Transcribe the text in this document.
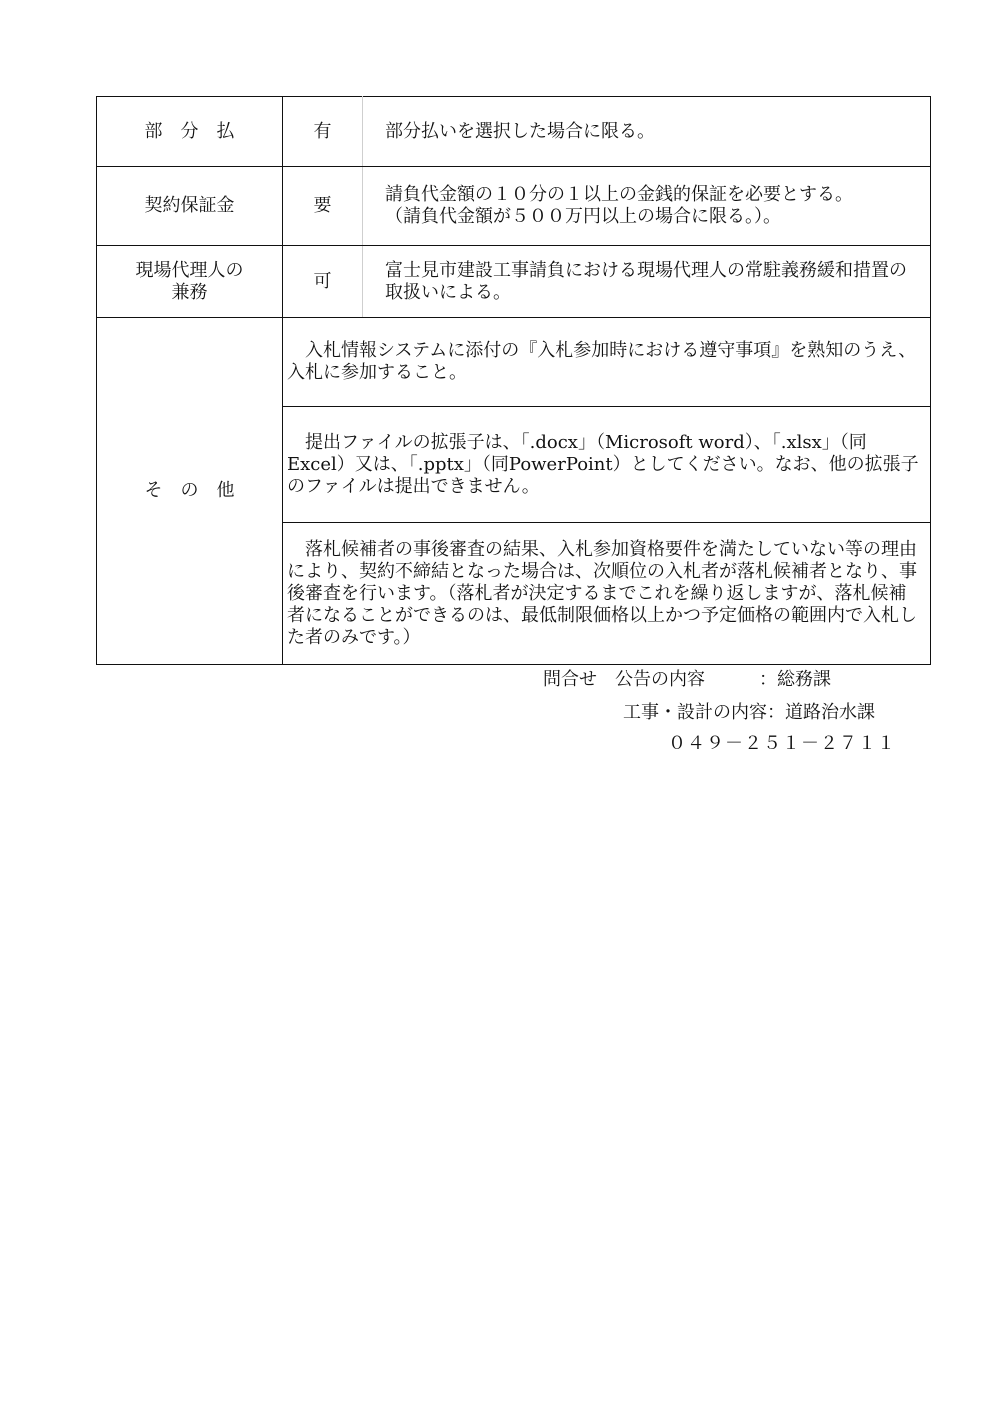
部　分　払	有	部分払いを選択した場合に限る。
契約保証金	要	請負代金額の１０分の１以上の金銭的保証を必要とする。
（請負代金額が５００万円以上の場合に限る。）。

現場代理人の
兼務	可	富士見市建設工事請負における現場代理人の常駐義務緩和措置の取扱いによる。
そ　の　他	入札情報システムに添付の『入札参加時における遵守事項』を熟知のうえ、入札に参加すること。	
	提出ファイルの拡張子は、「.docx」（Microsoft word）、「.xlsx」（同Excel）又は、「.pptx」（同PowerPoint）としてください。なお、他の拡張子のファイルは提出できません。	
	落札候補者の事後審査の結果、入札参加資格要件を満たしていない等の理由により、契約不締結となった場合は、次順位の入札者が落札候補者となり、事後審査を行います。（落札者が決定するまでこれを繰り返しますが、落札候補者になることができるのは、最低制限価格以上かつ予定価格の範囲内で入札した者のみです。）	
問合せ　公告の内容　　　：総務課
工事・設計の内容：道路治水課
０４９－２５１－２７１１
